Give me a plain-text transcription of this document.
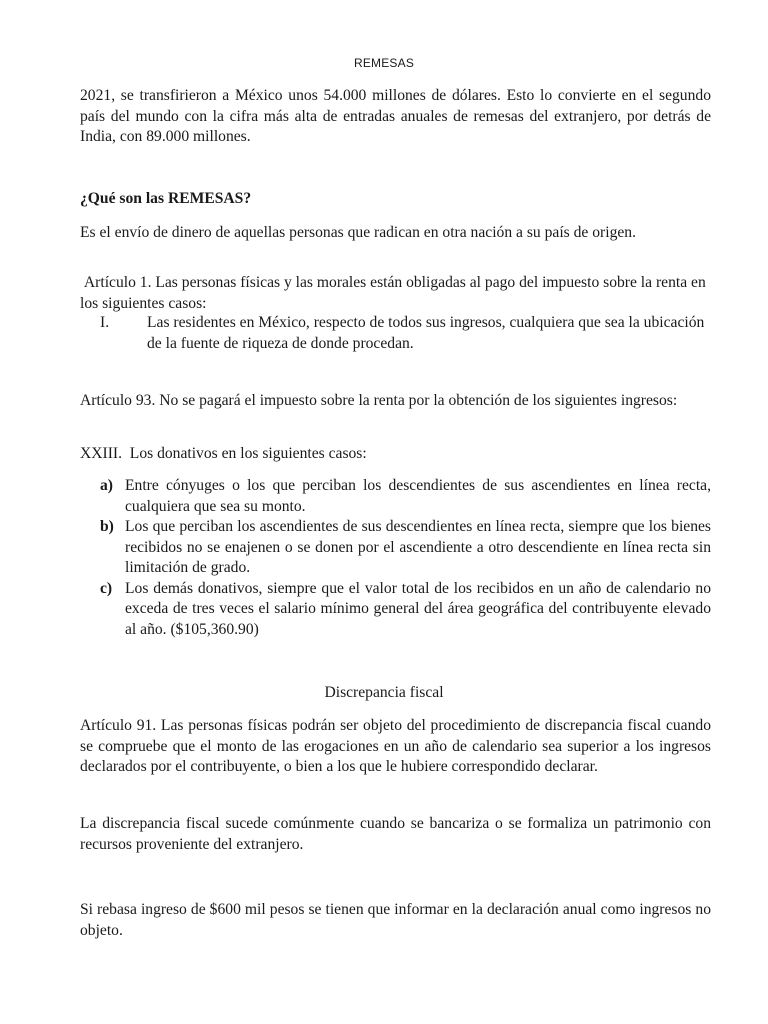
REMESAS
2021, se transfirieron a México unos 54.000 millones de dólares. Esto lo convierte en el segundo país del mundo con la cifra más alta de entradas anuales de remesas del extranjero, por detrás de India, con 89.000 millones.
¿Qué son las REMESAS?
Es el envío de dinero de aquellas personas que radican en otra nación a su país de origen.
Artículo 1. Las personas físicas y las morales están obligadas al pago del impuesto sobre la renta en los siguientes casos:
I. Las residentes en México, respecto de todos sus ingresos, cualquiera que sea la ubicación de la fuente de riqueza de donde procedan.
Artículo 93. No se pagará el impuesto sobre la renta por la obtención de los siguientes ingresos:
XXIII.  Los donativos en los siguientes casos:
a) Entre cónyuges o los que perciban los descendientes de sus ascendientes en línea recta, cualquiera que sea su monto.
b) Los que perciban los ascendientes de sus descendientes en línea recta, siempre que los bienes recibidos no se enajenen o se donen por el ascendiente a otro descendiente en línea recta sin limitación de grado.
c) Los demás donativos, siempre que el valor total de los recibidos en un año de calendario no exceda de tres veces el salario mínimo general del área geográfica del contribuyente elevado al año. ($105,360.90)
Discrepancia fiscal
Artículo 91. Las personas físicas podrán ser objeto del procedimiento de discrepancia fiscal cuando se compruebe que el monto de las erogaciones en un año de calendario sea superior a los ingresos declarados por el contribuyente, o bien a los que le hubiere correspondido declarar.
La discrepancia fiscal sucede comúnmente cuando se bancariza o se formaliza un patrimonio con recursos proveniente del extranjero.
Si rebasa ingreso de $600 mil pesos se tienen que informar en la declaración anual como ingresos no objeto.
